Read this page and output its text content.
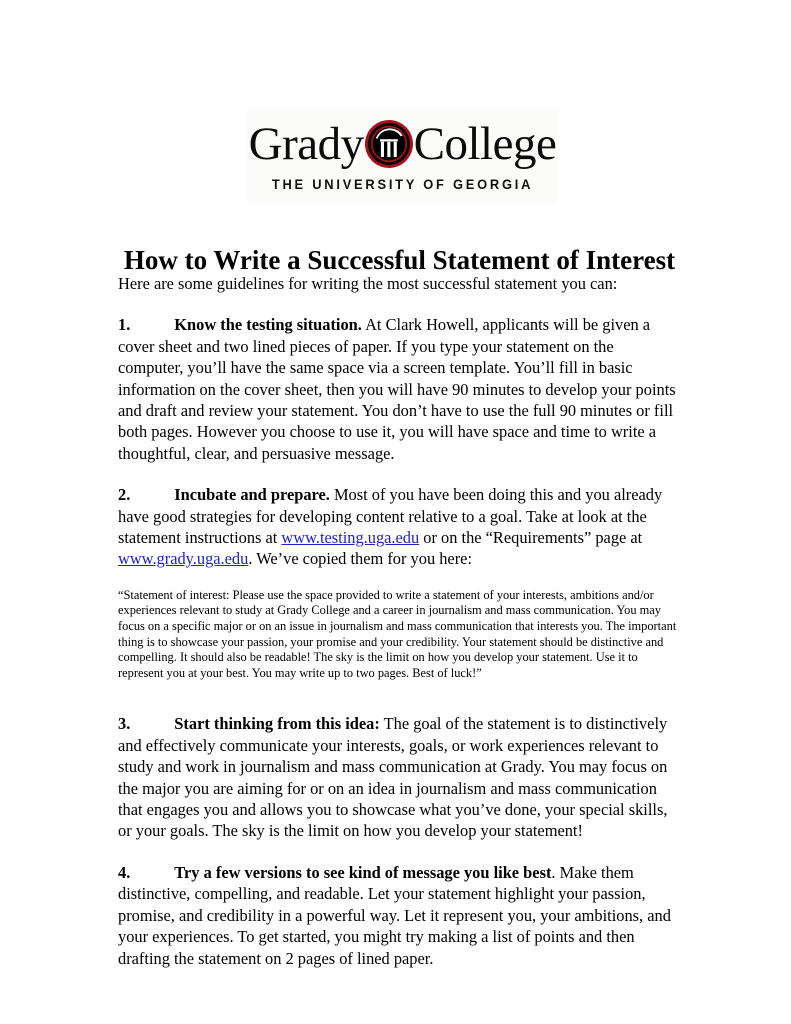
Grady College
THE UNIVERSITY OF GEORGIA
How to Write a Successful Statement of Interest

Here are some guidelines for writing the most successful statement you can:

1.	Know the testing situation. At Clark Howell, applicants will be given a cover sheet and two lined pieces of paper. If you type your statement on the computer, you’ll have the same space via a screen template. You’ll fill in basic information on the cover sheet, then you will have 90 minutes to develop your points and draft and review your statement. You don’t have to use the full 90 minutes or fill both pages. However you choose to use it, you will have space and time to write a thoughtful, clear, and persuasive message.

2.	Incubate and prepare. Most of you have been doing this and you already have good strategies for developing content relative to a goal. Take at look at the statement instructions at www.testing.uga.edu or on the “Requirements” page at www.grady.uga.edu. We’ve copied them for you here:

“Statement of interest: Please use the space provided to write a statement of your interests, ambitions and/or experiences relevant to study at Grady College and a career in journalism and mass communication. You may focus on a specific major or on an issue in journalism and mass communication that interests you. The important thing is to showcase your passion, your promise and your credibility. Your statement should be distinctive and compelling. It should also be readable! The sky is the limit on how you develop your statement. Use it to represent you at your best. You may write up to two pages. Best of luck!”

3.	Start thinking from this idea: The goal of the statement is to distinctively and effectively communicate your interests, goals, or work experiences relevant to study and work in journalism and mass communication at Grady. You may focus on the major you are aiming for or on an idea in journalism and mass communication that engages you and allows you to showcase what you’ve done, your special skills, or your goals. The sky is the limit on how you develop your statement!

4.	Try a few versions to see kind of message you like best. Make them distinctive, compelling, and readable. Let your statement highlight your passion, promise, and credibility in a powerful way. Let it represent you, your ambitions, and your experiences. To get started, you might try making a list of points and then drafting the statement on 2 pages of lined paper.
